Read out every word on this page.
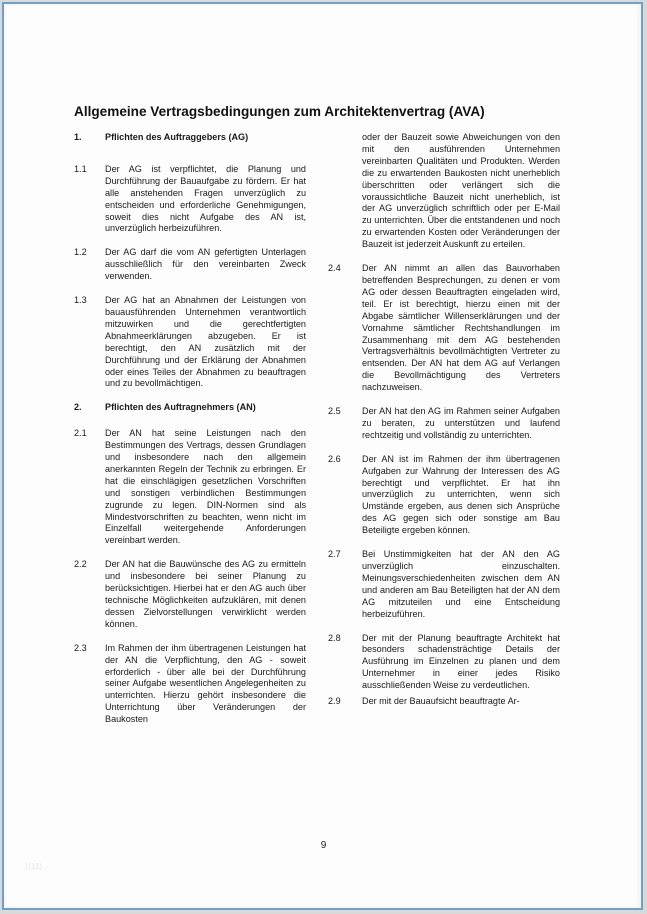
Allgemeine Vertragsbedingungen zum Architektenvertrag (AVA)
1.	Pflichten des Auftraggebers (AG)
1.1	Der AG ist verpflichtet, die Planung und Durchführung der Bauaufgabe zu fördern. Er hat alle anstehenden Fragen unverzüglich zu entscheiden und erforderliche Genehmigungen, soweit dies nicht Aufgabe des AN ist, unverzüglich herbeizuführen.
1.2	Der AG darf die vom AN gefertigten Unterlagen ausschließlich für den vereinbarten Zweck verwenden.
1.3	Der AG hat an Abnahmen der Leistungen von bauausführenden Unternehmen verantwortlich mitzuwirken und die gerechtfertigten Abnahmeerklärungen abzugeben. Er ist berechtigt, den AN zusätzlich mit der Durchführung und der Erklärung der Abnahmen oder eines Teiles der Abnahmen zu beauftragen und zu bevollmächtigen.
2.	Pflichten des Auftragnehmers (AN)
2.1	Der AN hat seine Leistungen nach den Bestimmungen des Vertrags, dessen Grundlagen und insbesondere nach den allgemein anerkannten Regeln der Technik zu erbringen. Er hat die einschlägigen gesetzlichen Vorschriften und sonstigen verbindlichen Bestimmungen zugrunde zu legen. DIN-Normen sind als Mindestvorschriften zu beachten, wenn nicht im Einzelfall weitergehende Anforderungen vereinbart werden.
2.2	Der AN hat die Bauwünsche des AG zu ermitteln und insbesondere bei seiner Planung zu berücksichtigen. Hierbei hat er den AG auch über technische Möglichkeiten aufzuklären, mit denen dessen Zielvorstellungen verwirklicht werden können.
2.3	Im Rahmen der ihm übertragenen Leistungen hat der AN die Verpflichtung, den AG - soweit erforderlich - über alle bei der Durchführung seiner Aufgabe wesentlichen Angelegenheiten zu unterrichten. Hierzu gehört insbesondere die Unterrichtung über Veränderungen der Baukosten
oder der Bauzeit sowie Abweichungen von den mit den ausführenden Unternehmen vereinbarten Qualitäten und Produkten. Werden die zu erwartenden Baukosten nicht unerheblich überschritten oder verlängert sich die voraussichtliche Bauzeit nicht unerheblich, ist der AG unverzüglich schriftlich oder per E-Mail zu unterrichten. Über die entstandenen und noch zu erwartenden Kosten oder Veränderungen der Bauzeit ist jederzeit Auskunft zu erteilen.
2.4	Der AN nimmt an allen das Bauvorhaben betreffenden Besprechungen, zu denen er vom AG oder dessen Beauftragten eingeladen wird, teil. Er ist berechtigt, hierzu einen mit der Abgabe sämtlicher Willenserklärungen und der Vornahme sämtlicher Rechtshandlungen im Zusammenhang mit dem AG bestehenden Vertragsverhältnis bevollmächtigten Vertreter zu entsenden. Der AN hat dem AG auf Verlangen die Bevollmächtigung des Vertreters nachzuweisen.
2.5	Der AN hat den AG im Rahmen seiner Aufgaben zu beraten, zu unterstützen und laufend rechtzeitig und vollständig zu unterrichten.
2.6	Der AN ist im Rahmen der ihm übertragenen Aufgaben zur Wahrung der Interessen des AG berechtigt und verpflichtet. Er hat ihn unverzüglich zu unterrichten, wenn sich Umstände ergeben, aus denen sich Ansprüche des AG gegen sich oder sonstige am Bau Beteiligte ergeben können.
2.7	Bei Unstimmigkeiten hat der AN den AG unverzüglich einzuschalten. Meinungsverschiedenheiten zwischen dem AN und anderen am Bau Beteiligten hat der AN dem AG mitzuteilen und eine Entscheidung herbeizuführen.
2.8	Der mit der Planung beauftragte Architekt hat besonders schadensträchtige Details der Ausführung im Einzelnen zu planen und dem Unternehmer in einer jedes Risiko ausschließenden Weise zu verdeutlichen.
2.9	Der mit der Bauaufsicht beauftragte Ar-
9
1(11)
